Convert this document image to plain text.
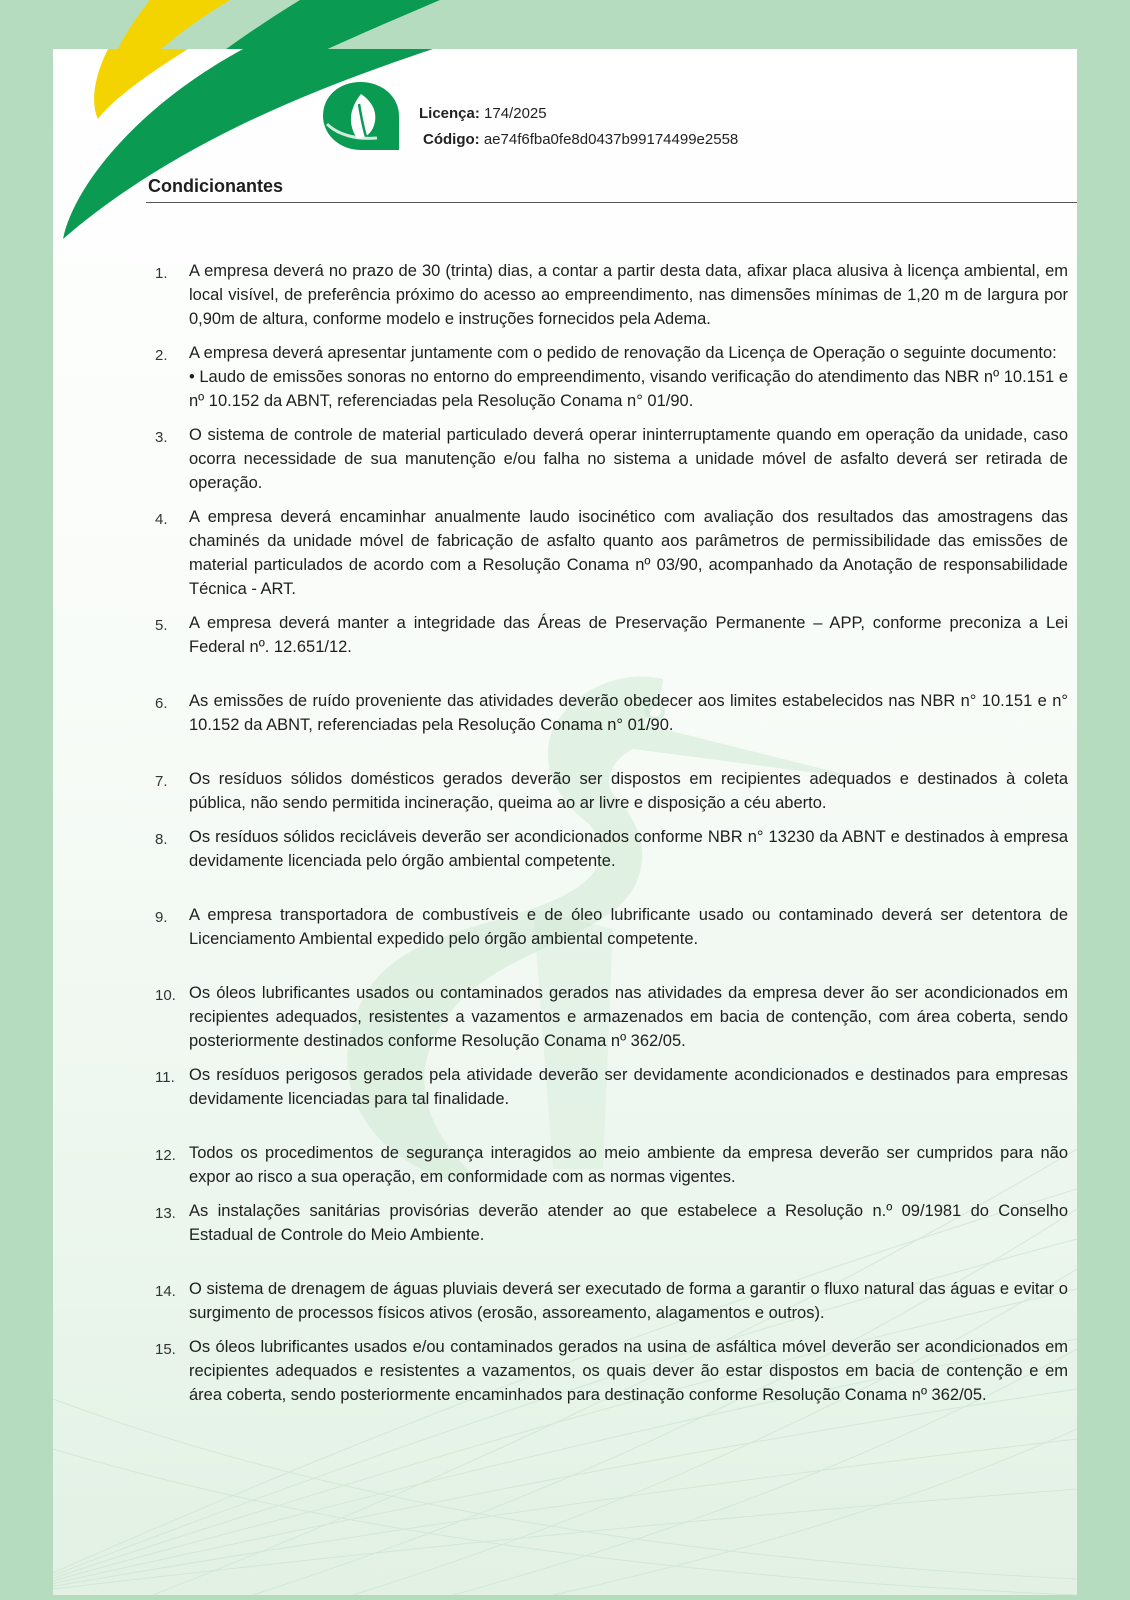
Licença: 174/2025
Código: ae74f6fba0fe8d0437b99174499e2558
Condicionantes
1. A empresa deverá no prazo de 30 (trinta) dias, a contar a partir desta data, afixar placa alusiva à licença ambiental, em local visível, de preferência próximo do acesso ao empreendimento, nas dimensões mínimas de 1,20 m de largura por 0,90m de altura, conforme modelo e instruções fornecidos pela Adema.
2. A empresa deverá apresentar juntamente com o pedido de renovação da Licença de Operação o seguinte documento:
• Laudo de emissões sonoras no entorno do empreendimento, visando verificação do atendimento das NBR nº 10.151 e nº 10.152 da ABNT, referenciadas pela Resolução Conama n° 01/90.
3. O sistema de controle de material particulado deverá operar ininterruptamente quando em operação da unidade, caso ocorra necessidade de sua manutenção e/ou falha no sistema a unidade móvel de asfalto deverá ser retirada de operação.
4. A empresa deverá encaminhar anualmente laudo isocinético com avaliação dos resultados das amostragens das chaminés da unidade móvel de fabricação de asfalto quanto aos parâmetros de permissibilidade das emissões de material particulados de acordo com a Resolução Conama nº 03/90, acompanhado da Anotação de responsabilidade Técnica - ART.
5. A empresa deverá manter a integridade das Áreas de Preservação Permanente – APP, conforme preconiza a Lei Federal nº. 12.651/12.
6. As emissões de ruído proveniente das atividades deverão obedecer aos limites estabelecidos nas NBR n° 10.151 e n° 10.152 da ABNT, referenciadas pela Resolução Conama n° 01/90.
7. Os resíduos sólidos domésticos gerados deverão ser dispostos em recipientes adequados e destinados à coleta pública, não sendo permitida incineração, queima ao ar livre e disposição a céu aberto.
8. Os resíduos sólidos recicláveis deverão ser acondicionados conforme NBR n° 13230 da ABNT e destinados à empresa devidamente licenciada pelo órgão ambiental competente.
9. A empresa transportadora de combustíveis e de óleo lubrificante usado ou contaminado deverá ser detentora de Licenciamento Ambiental expedido pelo órgão ambiental competente.
10. Os óleos lubrificantes usados ou contaminados gerados nas atividades da empresa dever ão ser acondicionados em recipientes adequados, resistentes a vazamentos e armazenados em bacia de contenção, com área coberta, sendo posteriormente destinados conforme Resolução Conama nº 362/05.
11. Os resíduos perigosos gerados pela atividade deverão ser devidamente acondicionados e destinados para empresas devidamente licenciadas para tal finalidade.
12. Todos os procedimentos de segurança interagidos ao meio ambiente da empresa deverão ser cumpridos para não expor ao risco a sua operação, em conformidade com as normas vigentes.
13. As instalações sanitárias provisórias deverão atender ao que estabelece a Resolução n.º 09/1981 do Conselho Estadual de Controle do Meio Ambiente.
14. O sistema de drenagem de águas pluviais deverá ser executado de forma a garantir o fluxo natural das águas e evitar o surgimento de processos físicos ativos (erosão, assoreamento, alagamentos e outros).
15. Os óleos lubrificantes usados e/ou contaminados gerados na usina de asfáltica móvel deverão ser acondicionados em recipientes adequados e resistentes a vazamentos, os quais dever ão estar dispostos em bacia de contenção e em área coberta, sendo posteriormente encaminhados para destinação conforme Resolução Conama nº 362/05.
